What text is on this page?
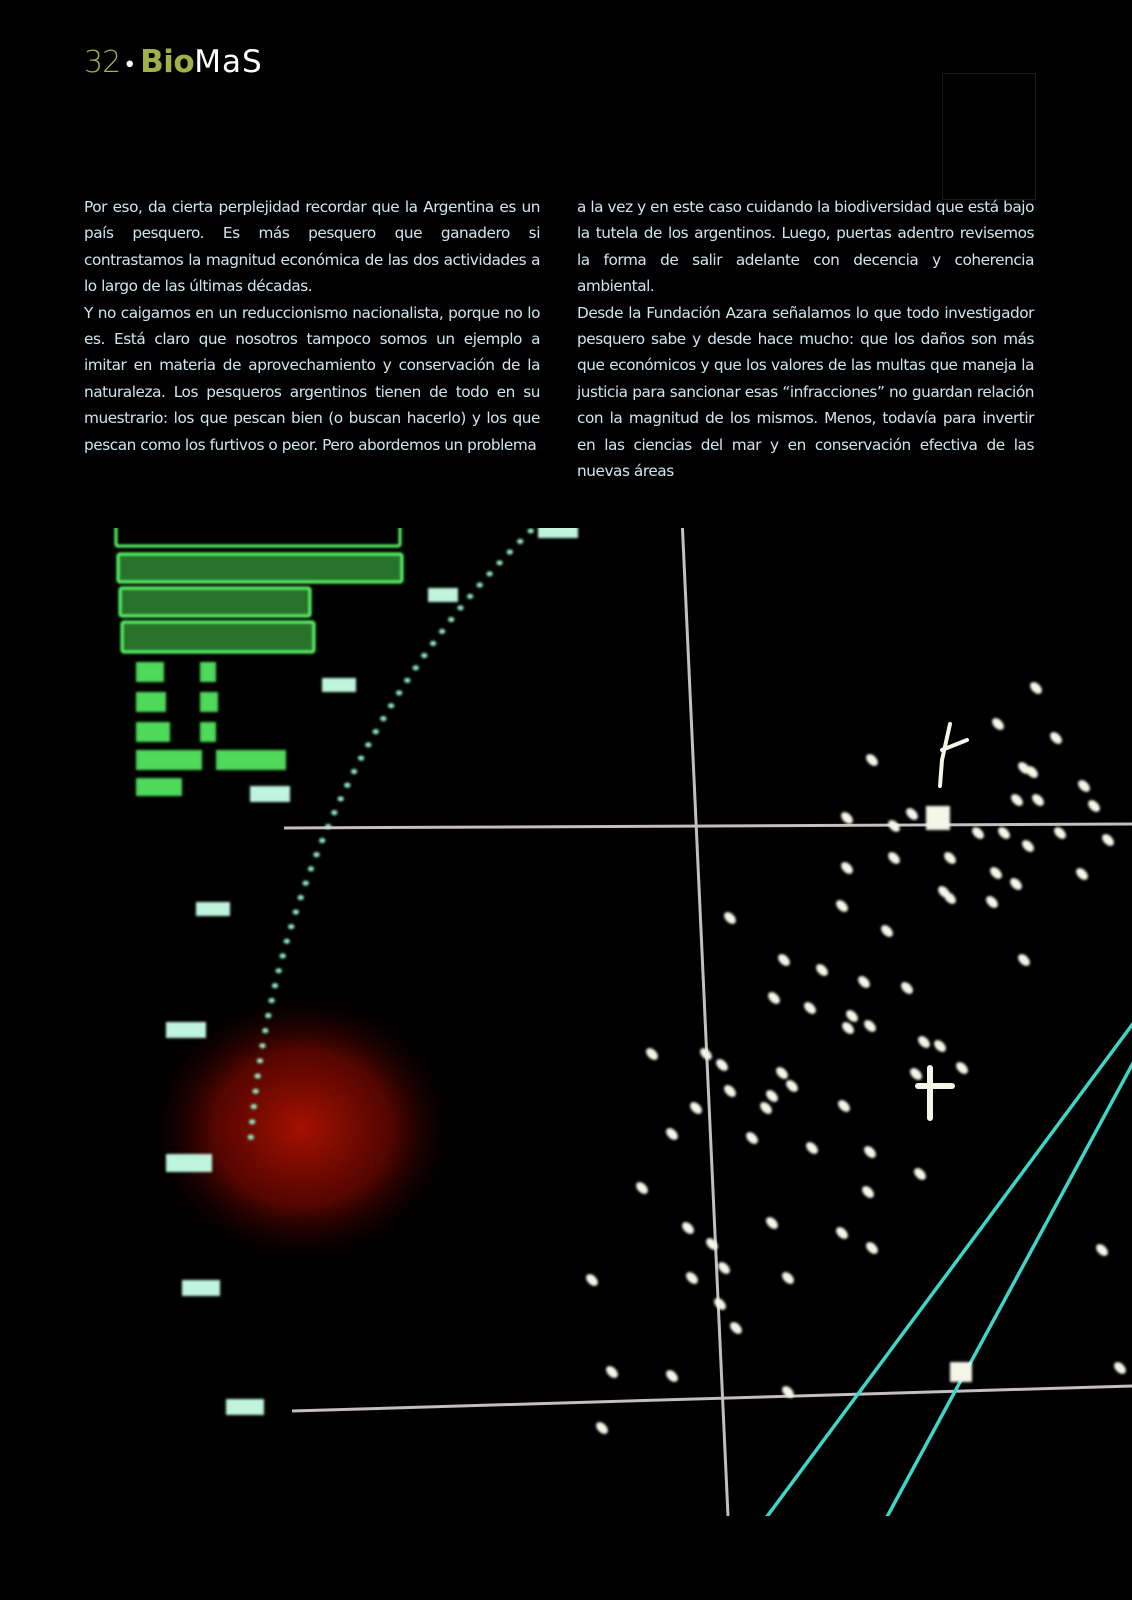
32 • Bio MaS

Por eso, da cierta perplejidad recordar que la Argentina es un país pesquero. Es más pesquero que ganadero si contrastamos la magnitud económica de las dos actividades a lo largo de las últimas décadas.

Y no caigamos en un reduccionismo nacionalista, porque no lo es. Está claro que nosotros tampoco somos un ejemplo a imitar en materia de aprovechamiento y conservación de la naturaleza. Los pesqueros argentinos tienen de todo en su muestrario: los que pescan bien (o buscan hacerlo) y los que pescan como los furtivos o peor. Pero abordemos un problema

a la vez y en este caso cuidando la biodiversidad que está bajo la tutela de los argentinos. Luego, puertas adentro revisemos la forma de salir adelante con decencia y coherencia ambiental.

Desde la Fundación Azara señalamos lo que todo investigador pesquero sabe y desde hace mucho: que los daños son más que económicos y que los valores de las multas que maneja la justicia para sancionar esas “infracciones” no guardan relación con la magnitud de los mismos. Menos, todavía para invertir en las ciencias del mar y en conservación efectiva de las nuevas áreas
